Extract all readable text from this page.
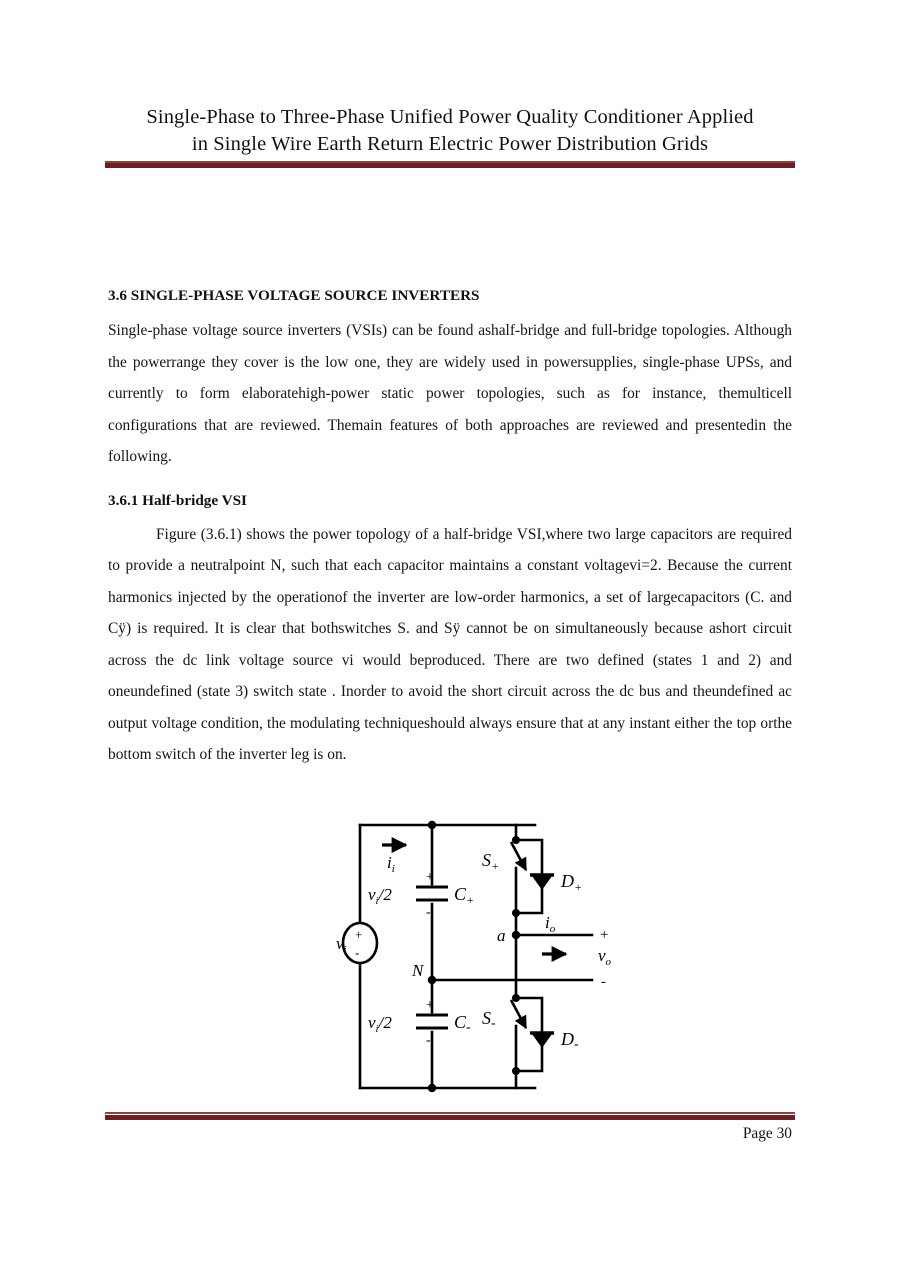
Single-Phase to Three-Phase Unified Power Quality Conditioner Applied
in Single Wire Earth Return Electric Power Distribution Grids
3.6 SINGLE-PHASE VOLTAGE SOURCE INVERTERS

Single-phase voltage source inverters (VSIs) can be found ashalf-bridge and full-bridge topologies. Although the powerrange they cover is the low one, they are widely used in powersupplies, single-phase UPSs, and currently to form elaboratehigh-power static power topologies, such as for instance, themulticell configurations that are reviewed. Themain features of both approaches are reviewed and presentedin the following.

3.6.1 Half-bridge VSI

Figure (3.6.1) shows the power topology of a half-bridge VSI,where two large capacitors are required to provide a neutralpoint N, such that each capacitor maintains a constant voltagevi=2. Because the current harmonics injected by the operationof the inverter are low-order harmonics, a set of largecapacitors (C. and Cÿ) is required. It is clear that bothswitches S. and Sÿ cannot be on simultaneously because ashort circuit across the dc link voltage source vi would beproduced. There are two defined (states 1 and 2) and oneundefined (state 3) switch state . Inorder to avoid the short circuit across the dc bus and theundefined ac output voltage condition, the modulating techniqueshould always ensure that at any instant either the top orthe bottom switch of the inverter leg is on.

$v_i$
+
-
$i_i$
$v_i/2$
+
-
$C_+$
$v_i/2$
+
-
C-
N
$S_+$
S-
$D_+$
D-
a
$i_o$
$v_o$
+
-
Page 30
